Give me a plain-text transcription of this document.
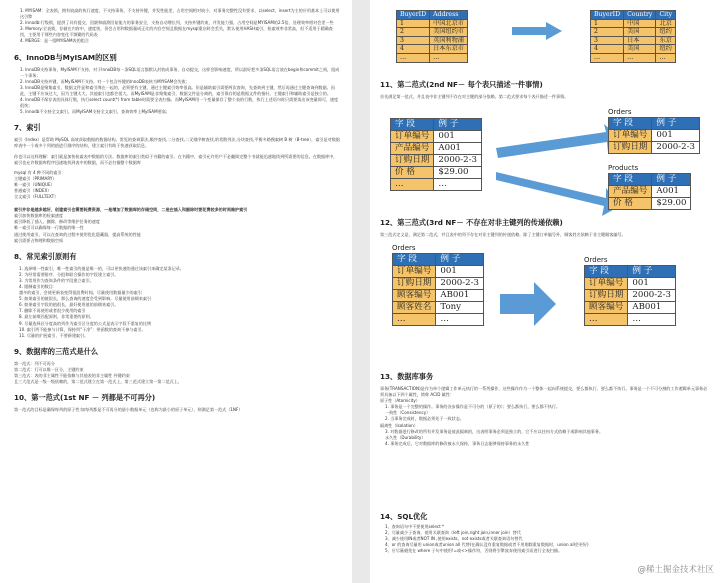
1. MYISAM：全表锁，拥有较高的执行速度，不支持事务，不支持外键，并发性能差，占用空间相对较小，对事务完整性没有要求，以select、insert为主的应用基本上可以使用这引擎

2. Innodb:行级锁，提供了具有提交、回滚和崩溃回复能力的事务安全，支持自动增长列，支持外键约束，并发能力强，占用空间是MYISAM的2.5倍，处理效率相对会差一些

3. Memory:全表锁，存储在内容中，速度快，但会占用和数据量成正比的内存空间且数据在mysql重启时会丢失，默认使用HASH索引，检索效率非常高，但不适用于精确查找，主要用于那些内容变化不频繁的代码表

4. MERGE：是一组MYISAM表的组合

6、InnoDB与MyISAM的区别

1. InnoDB支持事务，MyISAM不支持，对于InnoDB每一条SQL语言都默认封装成事务，自动提交，这样会影响速度，所以最好把多条SQL语言放在begin和commit之间，组成一个事务；

2. InnoDB支持外键，而MyISAM不支持。对一个包含外键的InnoDB表转为MYISAM会失败；

3. InnoDB是聚集索引，数据文件是和索引绑在一起的，必须要有主键，通过主键索引效率很高。但是辅助索引需要两次查询，先查询到主键，然后再通过主键查询到数据。因此，主键不应该过大，因为主键太大，其他索引也都会很大。而MyISAM是非聚集索引，数据文件是分离的，索引保存的是数据文件的指针。主键索引和辅助索引是独立的。

4. InnoDB不保存表的具体行数，执行select count(*) from table时需要全表扫描。而MyISAM用一个变量保存了整个表的行数，执行上述语句时只需要读出该变量即可，速度很快；

5. Innodb不支持全文索引，而MyISAM支持全文索引，查询效率上MyISAM要高；

7、索引

索引（Index）是帮助 MySQL 高效获取数据的数据结构。常见的查询算法,顺序查找,二分查找,二叉排序树查找,哈希散列法,分块查找,平衡多路搜索树 B 树（B-tree），索引是对数据库表中一个或多个列的值进行排序的结构，建立索引有助于快速获取信息。

你也可以这样理解：索引就是加快检索表中数据的方法。数据库的索引类似于书籍的索引。在书籍中，索引允许用户不必翻阅完整个书就能迅速地找到所需要的信息。在数据库中，索引也允许数据库程序迅速地找到表中的数据，而不必扫描整个数据库

mysql 有 4 种不同的索引：

主键索引（PRIMARY）

唯一索引（UNIQUE）

普通索引（INDEX）

全文索引（FULLTEXT）

索引并非是越多越好，创建索引也需要耗费资源，一是增加了数据库的存储空间，二是在插入和删除时要花费较多的时间维护索引

索引加快数据库的检索速度

索引降低了插入、删除、修改等维护任务的速度

唯一索引可以确保每一行数据的唯一性

通过使用索引，可以在查询的过程中使用优化隐藏器，提高系统的性能

索引需要占物理和数据空间

8、常见索引原则有

1. 选择唯一性索引，唯一性索引的值是唯一的，可以更快速的通过该索引来确定某条记录。

2. 为经常需要排序、分组和联合操作的字段建立索引。

3. 为常用作为查询条件的字段建立索引。

4. 限制索引的数目：

越多的索引，会使更新表变得很浪费时间。尽量使用数据量少的索引

5. 如果索引的值很长，那么查询的速度会受到影响。尽量使用前缀来索引

6. 如果索引字段的值很长，最好使用值的前缀来索引。

7. 删除不再使用或者很少使用的索引

8. 最左前缀匹配原则，非常重要的原则。

9. 尽量选择区分度高的列作为索引区分度的公式是表示字段不重复的比例

10. 索引列不能参与计算，保持列“干净”：带函数的查询不参与索引。

11. 尽量的扩展索引，不要新建索引。

9、数据库的三范式是什么

第一范式：列不可再分

第二范式：行可以唯一区分，主键约束

第三范式：表的非主属性不能依赖与其他表的非主属性 外键约束

且三大范式是一级一级依赖的，第二范式建立在第一范式上，第三范式建立第一第二范式上。

10、第一范式(1st NF － 列都是不可再分)

第一范式的目标是确保每列的原子性:如每列都是不可再分的最小数据单元（也称为最小的原子单元），则满足第一范式（1NF）

BuyerID	Address
1	中国北京市
2	美国纽约市
3	英国利物浦
4	日本东京市
…	…
BuyerID	Country	City
1	中国	北京
2	美国	纽约
3	日本	东京
4	美国	纽约
…	…	…
11、第二范式(2nd NF－ 每个表只描述一件事情)

首先满足第一范式，并且表中非主键列不存在对主键的部分依赖。第二范式要求每个表只描述一件事情。

字 段	例 子
订单编号	001
产品编号	A001
订购日期	2000-2-3
价 格	$29.00
…	…
Orders
字 段	例 子
订单编号	001
订购日期	2000-2-3
Products
字 段	例 子
产品编号	A001
价 格	$29.00
12、第三范式(3rd NF－ 不存在对非主键列的传递依赖)

第三范式定义是，满足第二范式，并且表中的列不存在对非主键列的传递依赖。除了主键订单编号外，顾客姓名依赖于非主键顾客编号。

Orders
字 段	例 子
订单编号	001
订购日期	2000-2-3
顾客编号	AB001
顾客姓名	Tony
…	…
Orders
字 段	例 子
订单编号	001
订购日期	2000-2-3
顾客编号	AB001
…	…
13、数据库事务

事务(TRANSACTION)是作为单个逻辑工作单元执行的一系列操作，这些操作作为一个整体一起向系统提交，要么都执行、要么都不执行。事务是一个不可分割的工作逻辑单元事务必须具备以下四个属性，简称 ACID 属性：

原子性（Atomicity）

1. 事务是一个完整的操作。事务的各步操作是不可分的（原子的）；要么都执行，要么都不执行。

一致性（Consistency）

2. 当事务完成时，数据必须处于一致状态。

隔离性（Isolation）

3. 对数据进行修改的所有并发事务是彼此隔离的，这表明事务必须是独立的，它不应以任何方式依赖于或影响其他事务。

永久性（Durability）

4. 事务完成后，它对数据库的修改被永久保持，事务日志能够保持事务的永久性

14、SQL优化

1、查询语句中不要使用select *

2、尽量减少子查询，使用关联查询（left join,right join,inner join）替代

3、减少使用IN或者NOT IN ,使用exists，not exists或者关联查询语句替代

4、or 的查询尽量用 union或者union all 代替(在确认没有重复数据或者不用剔除重复数据时，union all会更好)

5、应尽量避免在 where 子句中使用!=或<>操作符，否则将引擎放弃使用索引而进行全表扫描。

@稀土掘金技术社区
